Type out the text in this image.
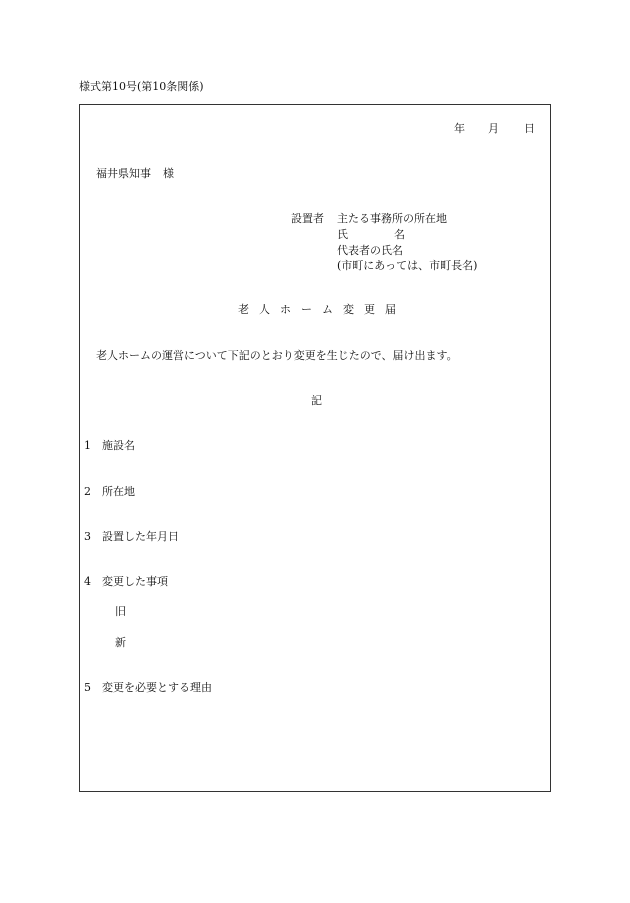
様式第10号(第10条関係)
年 月 日
福井県知事 様
設置者 主たる事務所の所在地
氏	名
代表者の氏名
(市町にあっては、市町長名)
老人ホーム変更届
老人ホームの運営について下記のとおり変更を生じたので、届け出ます。
記
1 施設名
2 所在地
3 設置した年月日
4 変更した事項
旧
新
5 変更を必要とする理由
